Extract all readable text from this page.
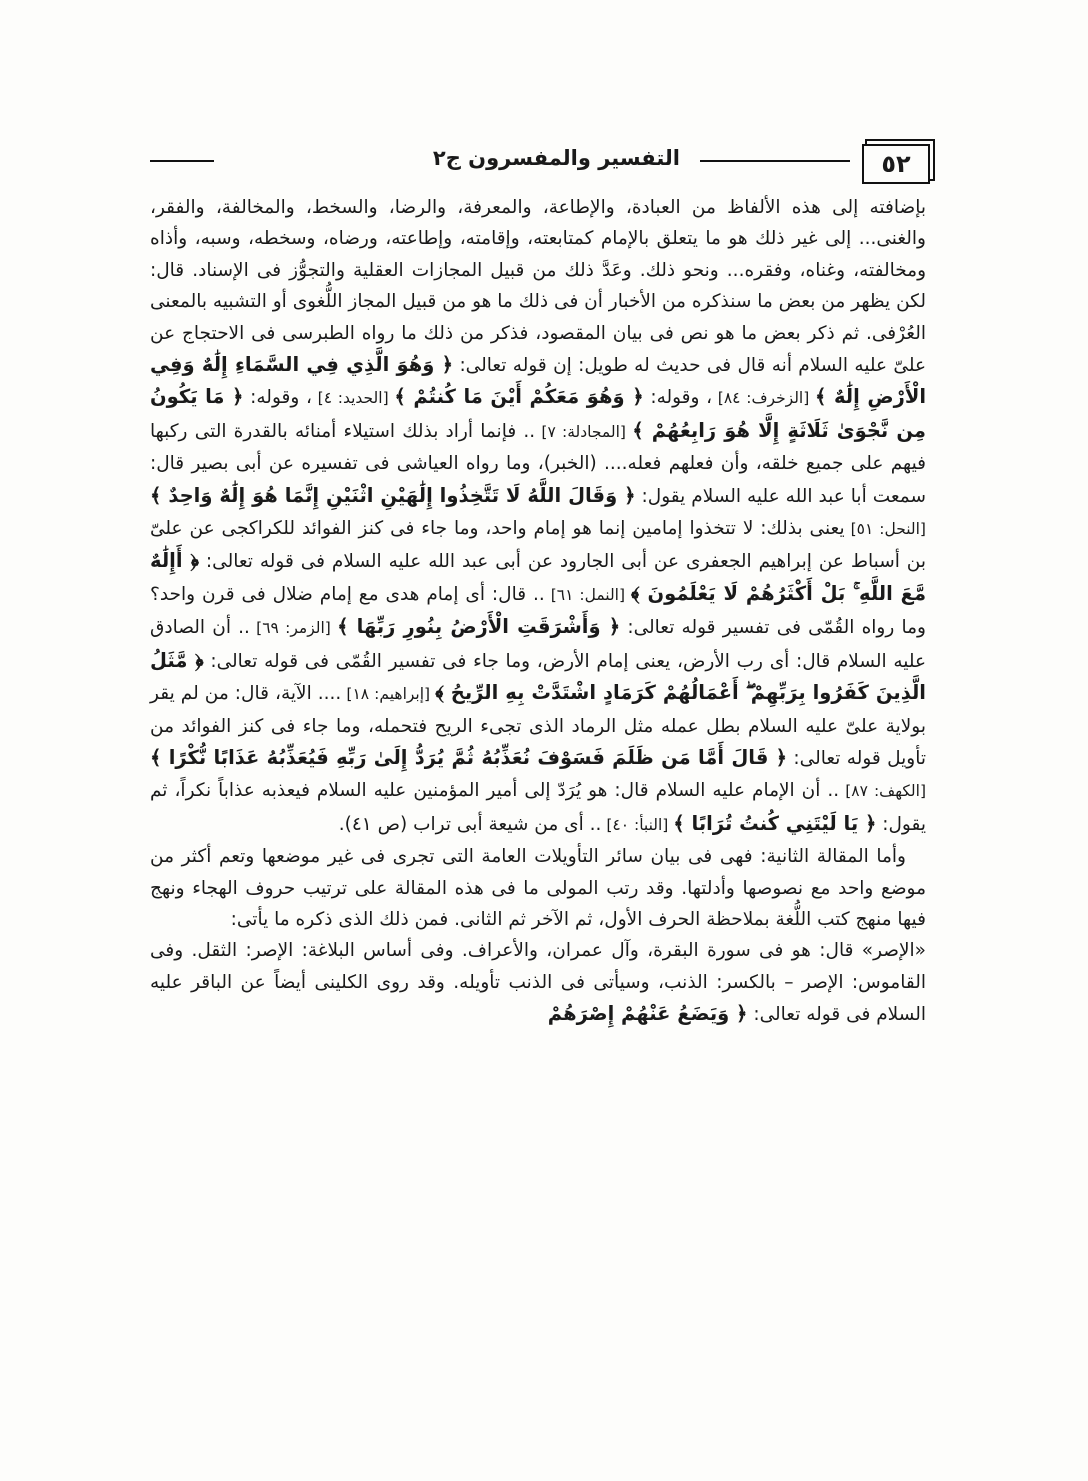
٥٢
التفسير والمفسرون ج٢

بإضافته إلى هذه الألفاظ من العبادة، والإطاعة، والمعرفة، والرضا، والسخط، والمخالفة، والفقر، والغنى... إلى غير ذلك هو ما يتعلق بالإمام كمتابعته، وإقامته، وإطاعته، ورضاه، وسخطه، وسبه، وأذاه ومخالفته، وغناه، وفقره... ونحو ذلك. وعَدَّ ذلك من قبيل المجازات العقلية والتجوُّز فى الإسناد. قال: لكن يظهر من بعض ما سنذكره من الأخبار أن فى ذلك ما هو من قبيل المجاز اللُّغوى أو التشبيه بالمعنى العُرْفى. ثم ذكر بعض ما هو نص فى بيان المقصود، فذكر من ذلك ما رواه الطبرسى فى الاحتجاج عن علىّ عليه السلام أنه قال فى حديث له طويل: إن قوله تعالى: ﴿ وَهُوَ الَّذِي فِي السَّمَاءِ إِلَٰهٌ وَفِي الْأَرْضِ إِلَٰهٌ ﴾ [الزخرف: ٨٤] ، وقوله: ﴿ وَهُوَ مَعَكُمْ أَيْنَ مَا كُنتُمْ ﴾ [الحديد: ٤] ، وقوله: ﴿ مَا يَكُونُ مِن نَّجْوَىٰ ثَلَاثَةٍ إِلَّا هُوَ رَابِعُهُمْ ﴾ [المجادلة: ٧] .. فإنما أراد بذلك استيلاء أمنائه بالقدرة التى ركبها فيهم على جميع خلقه، وأن فعلهم فعله.... (الخبر)، وما رواه العياشى فى تفسيره عن أبى بصير قال: سمعت أبا عبد الله عليه السلام يقول: ﴿ وَقَالَ اللَّهُ لَا تَتَّخِذُوا إِلَٰهَيْنِ اثْنَيْنِ إِنَّمَا هُوَ إِلَٰهٌ وَاحِدٌ ﴾ [النحل: ٥١] يعنى بذلك: لا تتخذوا إمامين إنما هو إمام واحد، وما جاء فى كنز الفوائد للكراكجى عن علىّ بن أسباط عن إبراهيم الجعفرى عن أبى الجارود عن أبى عبد الله عليه السلام فى قوله تعالى: ﴿ أَإِلَٰهٌ مَّعَ اللَّهِ ۚ بَلْ أَكْثَرُهُمْ لَا يَعْلَمُونَ ﴾ [النمل: ٦١] .. قال: أى إمام هدى مع إمام ضلال فى قرن واحد؟ وما رواه القُمّى فى تفسير قوله تعالى: ﴿ وَأَشْرَقَتِ الْأَرْضُ بِنُورِ رَبِّهَا ﴾ [الزمر: ٦٩] .. أن الصادق عليه السلام قال: أى رب الأرض، يعنى إمام الأرض، وما جاء فى تفسير القُمّى فى قوله تعالى: ﴿ مَّثَلُ الَّذِينَ كَفَرُوا بِرَبِّهِمْ ۖ أَعْمَالُهُمْ كَرَمَادٍ اشْتَدَّتْ بِهِ الرِّيحُ ﴾ [إبراهيم: ١٨] .... الآية، قال: من لم يقر بولاية علىّ عليه السلام بطل عمله مثل الرماد الذى تجىء الريح فتحمله، وما جاء فى كنز الفوائد من تأويل قوله تعالى: ﴿ قَالَ أَمَّا مَن ظَلَمَ فَسَوْفَ نُعَذِّبُهُ ثُمَّ يُرَدُّ إِلَىٰ رَبِّهِ فَيُعَذِّبُهُ عَذَابًا نُّكْرًا ﴾ [الكهف: ٨٧] .. أن الإمام عليه السلام قال: هو يُرَدّ إلى أمير المؤمنين عليه السلام فيعذبه عذاباً نكراً، ثم يقول: ﴿ يَا لَيْتَنِي كُنتُ تُرَابًا ﴾ [النبأ: ٤٠] .. أى من شيعة أبى تراب (ص ٤١).

وأما المقالة الثانية: فهى فى بيان سائر التأويلات العامة التى تجرى فى غير موضعها وتعم أكثر من موضع واحد مع نصوصها وأدلتها. وقد رتب المولى ما فى هذه المقالة على ترتيب حروف الهجاء ونهج فيها منهج كتب اللُّغة بملاحظة الحرف الأول، ثم الآخر ثم الثانى. فمن ذلك الذى ذكره ما يأتى:

«الإصر» قال: هو فى سورة البقرة، وآل عمران، والأعراف. وفى أساس البلاغة: الإصر: الثقل. وفى القاموس: الإصر – بالكسر: الذنب، وسيأتى فى الذنب تأويله. وقد روى الكلينى أيضاً عن الباقر عليه السلام فى قوله تعالى: ﴿ وَيَضَعُ عَنْهُمْ إِصْرَهُمْ
